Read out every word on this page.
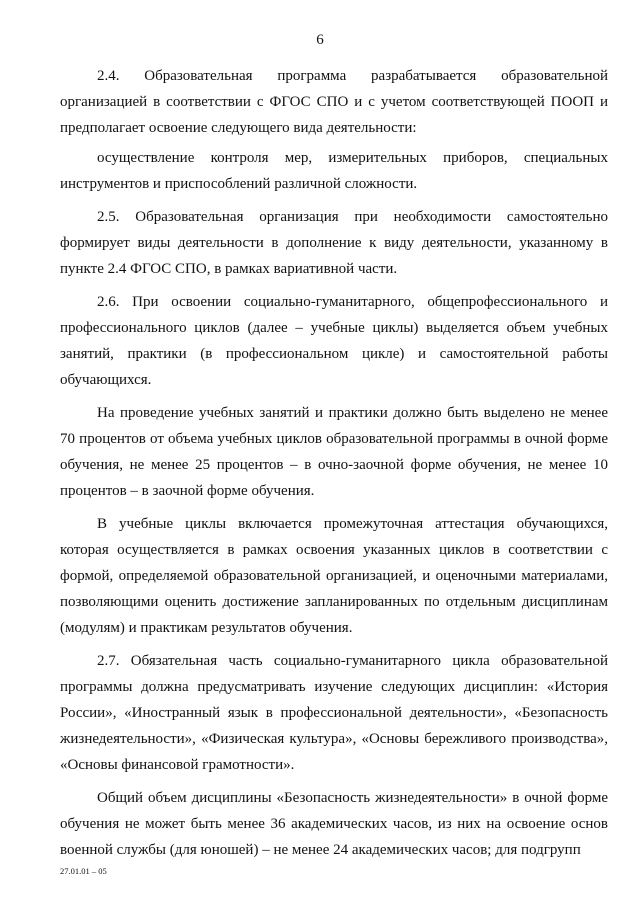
6

2.4. Образовательная программа разрабатывается образовательной организацией в соответствии с ФГОС СПО и с учетом соответствующей ПООП и предполагает освоение следующего вида деятельности:

осуществление контроля мер, измерительных приборов, специальных инструментов и приспособлений различной сложности.

2.5. Образовательная организация при необходимости самостоятельно формирует виды деятельности в дополнение к виду деятельности, указанному в пункте 2.4 ФГОС СПО, в рамках вариативной части.

2.6. При освоении социально-гуманитарного, общепрофессионального и профессионального циклов (далее – учебные циклы) выделяется объем учебных занятий, практики (в профессиональном цикле) и самостоятельной работы обучающихся.

На проведение учебных занятий и практики должно быть выделено не менее 70 процентов от объема учебных циклов образовательной программы в очной форме обучения, не менее 25 процентов – в очно-заочной форме обучения, не менее 10 процентов – в заочной форме обучения.

В учебные циклы включается промежуточная аттестация обучающихся, которая осуществляется в рамках освоения указанных циклов в соответствии с формой, определяемой образовательной организацией, и оценочными материалами, позволяющими оценить достижение запланированных по отдельным дисциплинам (модулям) и практикам результатов обучения.

2.7. Обязательная часть социально-гуманитарного цикла образовательной программы должна предусматривать изучение следующих дисциплин: «История России», «Иностранный язык в профессиональной деятельности», «Безопасность жизнедеятельности», «Физическая культура», «Основы бережливого производства», «Основы финансовой грамотности».

Общий объем дисциплины «Безопасность жизнедеятельности» в очной форме обучения не может быть менее 36 академических часов, из них на освоение основ военной службы (для юношей) – не менее 24 академических часов; для подгрупп

27.01.01 – 05
